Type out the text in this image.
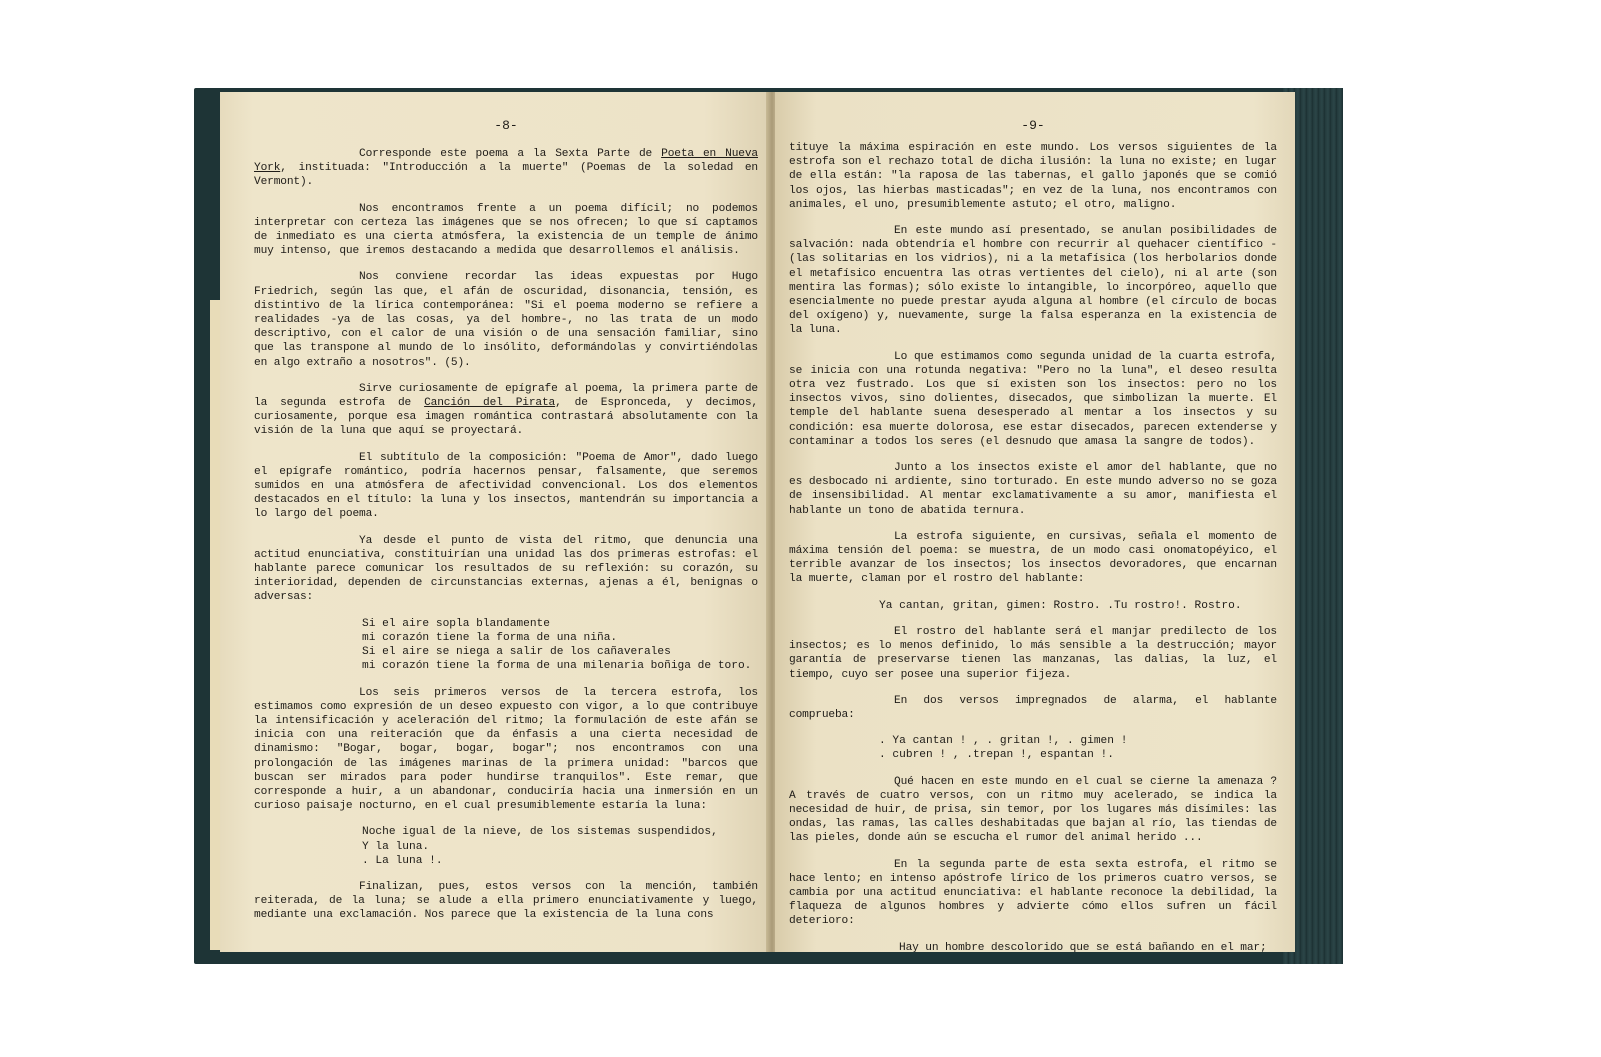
-8-

Corresponde este poema a la Sexta Parte de Poeta en Nueva York, instituada: "Introducción a la muerte" (Poemas de la soledad en Vermont).

Nos encontramos frente a un poema difícil; no podemos interpretar con certeza las imágenes que se nos ofrecen; lo que sí captamos de inmediato es una cierta atmósfera, la existencia de un temple de ánimo muy intenso, que iremos destacando a medida que desarrollemos el análisis.

Nos conviene recordar las ideas expuestas por Hugo Friedrich, según las que, el afán de oscuridad, disonancia, tensión, es distintivo de la lírica contemporánea: "Si el poema moderno se refiere a realidades -ya de las cosas, ya del hombre-, no las trata de un modo descriptivo, con el calor de una visión o de una sensación familiar, sino que las transpone al mundo de lo insólito, deformándolas y convirtiéndolas en algo extraño a nosotros". (5).

Sirve curiosamente de epígrafe al poema, la primera parte de la segunda estrofa de Canción del Pirata, de Espronceda, y decimos, curiosamente, porque esa imagen romántica contrastará absolutamente con la visión de la luna que aquí se proyectará.

El subtítulo de la composición: "Poema de Amor", dado luego el epígrafe romántico, podría hacernos pensar, falsamente, que seremos sumidos en una atmósfera de afectividad convencional. Los dos elementos destacados en el título: la luna y los insectos, mantendrán su importancia a lo largo del poema.

Ya desde el punto de vista del ritmo, que denuncia una actitud enunciativa, constituirían una unidad las dos primeras estrofas: el hablante parece comunicar los resultados de su reflexión: su corazón, su interioridad, dependen de circunstancias externas, ajenas a él, benignas o adversas:

Si el aire sopla blandamente
mi corazón tiene la forma de una niña.
Si el aire se niega a salir de los cañaverales
mi corazón tiene la forma de una milenaria boñiga de toro.

Los seis primeros versos de la tercera estrofa, los estimamos como expresión de un deseo expuesto con vigor, a lo que contribuye la intensificación y aceleración del ritmo; la formulación de este afán se inicia con una reiteración que da énfasis a una cierta necesidad de dinamismo: "Bogar, bogar, bogar, bogar"; nos encontramos con una prolongación de las imágenes marinas de la primera unidad: "barcos que buscan ser mirados para poder hundirse tranquilos". Este remar, que corresponde a huir, a un abandonar, conduciría hacia una inmersión en un curioso paisaje nocturno, en el cual presumiblemente estaría la luna:

Noche igual de la nieve, de los sistemas suspendidos,
Y la luna.
. La luna !.

Finalizan, pues, estos versos con la mención, también reiterada, de la luna; se alude a ella primero enunciativamente y luego, mediante una exclamación. Nos parece que la existencia de la luna cons

-9-

tituye la máxima espiración en este mundo. Los versos siguientes de la estrofa son el rechazo total de dicha ilusión: la luna no existe; en lugar de ella están: "la raposa de las tabernas, el gallo japonés que se comió los ojos, las hierbas masticadas"; en vez de la luna, nos encontramos con animales, el uno, presumiblemente astuto; el otro, maligno.

En este mundo así presentado, se anulan posibilidades de salvación: nada obtendría el hombre con recurrir al quehacer científico - (las solitarias en los vidrios), ni a la metafísica (los herbolarios donde el metafísico encuentra las otras vertientes del cielo), ni al arte (son mentira las formas); sólo existe lo intangible, lo incorpóreo, aquello que esencialmente no puede prestar ayuda alguna al hombre (el círculo de bocas del oxígeno) y, nuevamente, surge la falsa esperanza en la existencia de la luna.

Lo que estimamos como segunda unidad de la cuarta estrofa, se inicia con una rotunda negativa: "Pero no la luna", el deseo resulta otra vez fustrado. Los que sí existen son los insectos: pero no los insectos vivos, sino dolientes, disecados, que simbolizan la muerte. El temple del hablante suena desesperado al mentar a los insectos y su condición: esa muerte dolorosa, ese estar disecados, parecen extenderse y contaminar a todos los seres (el desnudo que amasa la sangre de todos).

Junto a los insectos existe el amor del hablante, que no es desbocado ni ardiente, sino torturado. En este mundo adverso no se goza de insensibilidad. Al mentar exclamativamente a su amor, manifiesta el hablante un tono de abatida ternura.

La estrofa siguiente, en cursivas, señala el momento de máxima tensión del poema: se muestra, de un modo casi onomatopéyico, el terrible avanzar de los insectos; los insectos devoradores, que encarnan la muerte, claman por el rostro del hablante:

Ya cantan, gritan, gimen: Rostro. .Tu rostro!. Rostro.

El rostro del hablante será el manjar predilecto de los insectos; es lo menos definido, lo más sensible a la destrucción; mayor garantía de preservarse tienen las manzanas, las dalias, la luz, el tiempo, cuyo ser posee una superior fijeza.

En dos versos impregnados de alarma, el hablante comprueba:

. Ya cantan ! , . gritan !, . gimen !
. cubren ! , .trepan !, espantan !.

Qué hacen en este mundo en el cual se cierne la amenaza ? A través de cuatro versos, con un ritmo muy acelerado, se indica la necesidad de huir, de prisa, sin temor, por los lugares más disímiles: las ondas, las ramas, las calles deshabitadas que bajan al río, las tiendas de las pieles, donde aún se escucha el rumor del animal herido ...

En la segunda parte de esta sexta estrofa, el ritmo se hace lento; en intenso apóstrofe lírico de los primeros cuatro versos, se cambia por una actitud enunciativa: el hablante reconoce la debilidad, la flaqueza de algunos hombres y advierte cómo ellos sufren un fácil deterioro:

Hay un hombre descolorido que se está bañando en el mar;
